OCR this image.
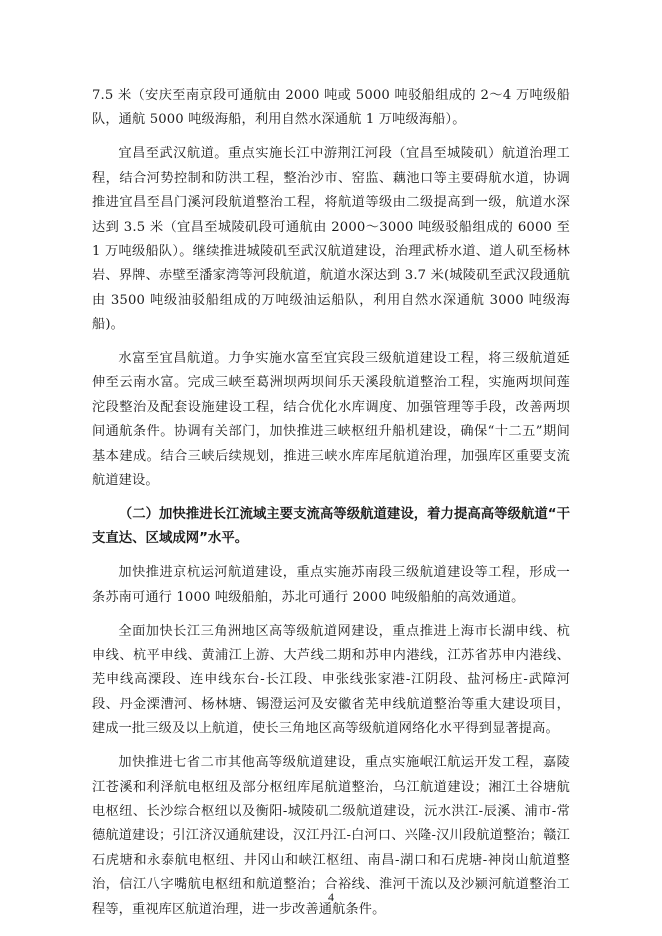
7.5 米（安庆至南京段可通航由 2000 吨或 5000 吨驳船组成的 2～4 万吨级船队，通航 5000 吨级海船，利用自然水深通航 1 万吨级海船）。

宜昌至武汉航道。重点实施长江中游荆江河段（宜昌至城陵矶）航道治理工程，结合河势控制和防洪工程，整治沙市、窑监、藕池口等主要碍航水道，协调推进宜昌至昌门溪河段航道整治工程，将航道等级由二级提高到一级，航道水深达到 3.5 米（宜昌至城陵矶段可通航由 2000～3000 吨级驳船组成的 6000 至 1 万吨级船队）。继续推进城陵矶至武汉航道建设，治理武桥水道、道人矶至杨林岩、界牌、赤壁至潘家湾等河段航道，航道水深达到 3.7 米(城陵矶至武汉段通航由 3500 吨级油驳船组成的万吨级油运船队，利用自然水深通航 3000 吨级海船)。

水富至宜昌航道。力争实施水富至宜宾段三级航道建设工程，将三级航道延伸至云南水富。完成三峡至葛洲坝两坝间乐天溪段航道整治工程，实施两坝间莲沱段整治及配套设施建设工程，结合优化水库调度、加强管理等手段，改善两坝间通航条件。协调有关部门，加快推进三峡枢纽升船机建设，确保“十二五”期间基本建成。结合三峡后续规划，推进三峡水库库尾航道治理，加强库区重要支流航道建设。

（二）加快推进长江流域主要支流高等级航道建设，着力提高高等级航道“干支直达、区域成网”水平。

加快推进京杭运河航道建设，重点实施苏南段三级航道建设等工程，形成一条苏南可通行 1000 吨级船舶，苏北可通行 2000 吨级船舶的高效通道。

全面加快长江三角洲地区高等级航道网建设，重点推进上海市长湖申线、杭申线、杭平申线、黄浦江上游、大芦线二期和苏申内港线，江苏省苏申内港线、芜申线高溧段、连申线东台-长江段、申张线张家港-江阴段、盐河杨庄-武障河段、丹金溧漕河、杨林塘、锡澄运河及安徽省芜申线航道整治等重大建设项目，建成一批三级及以上航道，使长三角地区高等级航道网络化水平得到显著提高。

加快推进七省二市其他高等级航道建设，重点实施岷江航运开发工程，嘉陵江苍溪和利泽航电枢纽及部分枢纽库尾航道整治，乌江航道建设；湘江土谷塘航电枢纽、长沙综合枢纽以及衡阳-城陵矶二级航道建设，沅水洪江-辰溪、浦市-常德航道建设；引江济汉通航建设，汉江丹江-白河口、兴隆-汉川段航道整治；赣江石虎塘和永泰航电枢纽、井冈山和峡江枢纽、南昌-湖口和石虎塘-神岗山航道整治，信江八字嘴航电枢纽和航道整治；合裕线、淮河干流以及沙颍河航道整治工程等，重视库区航道治理，进一步改善通航条件。

4
